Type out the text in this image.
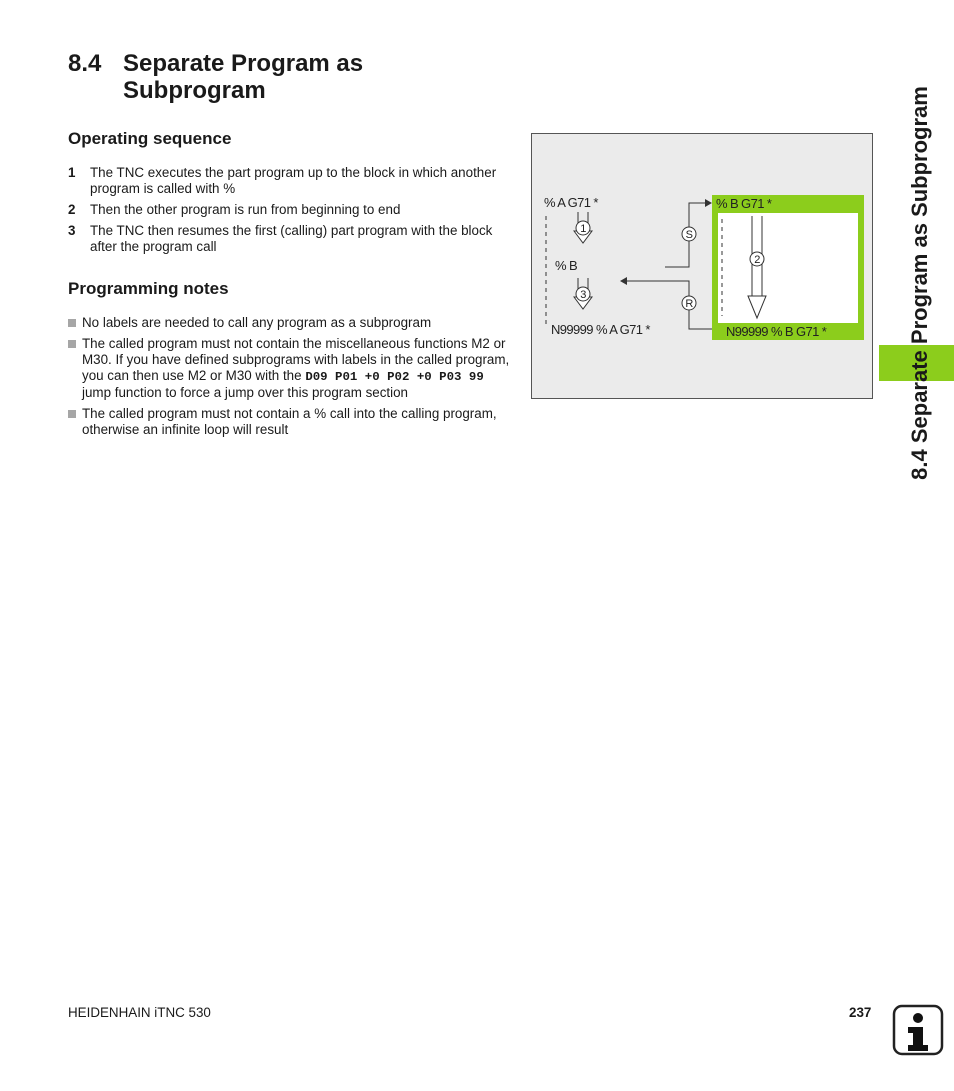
8.4 Separate Program as Subprogram
Operating sequence
1 The TNC executes the part program up to the block in which another program is called with %
2 Then the other program is run from beginning to end
3 The TNC then resumes the first (calling) part program with the block after the program call
Programming notes
No labels are needed to call any program as a subprogram
The called program must not contain the miscellaneous functions M2 or M30. If you have defined subprograms with labels in the called program, you can then use M2 or M30 with the D09 P01 +0 P02 +0 P03 99 jump function to force a jump over this program section
The called program must not contain a % call into the calling program, otherwise an infinite loop will result
% A G71 *
1
% B
3
N99999 % A G71 *
S
R
% B G71 *
2
N99999 % B G71 *	8.4 Separate Program as Subprogram
HEIDENHAIN iTNC 530	237
